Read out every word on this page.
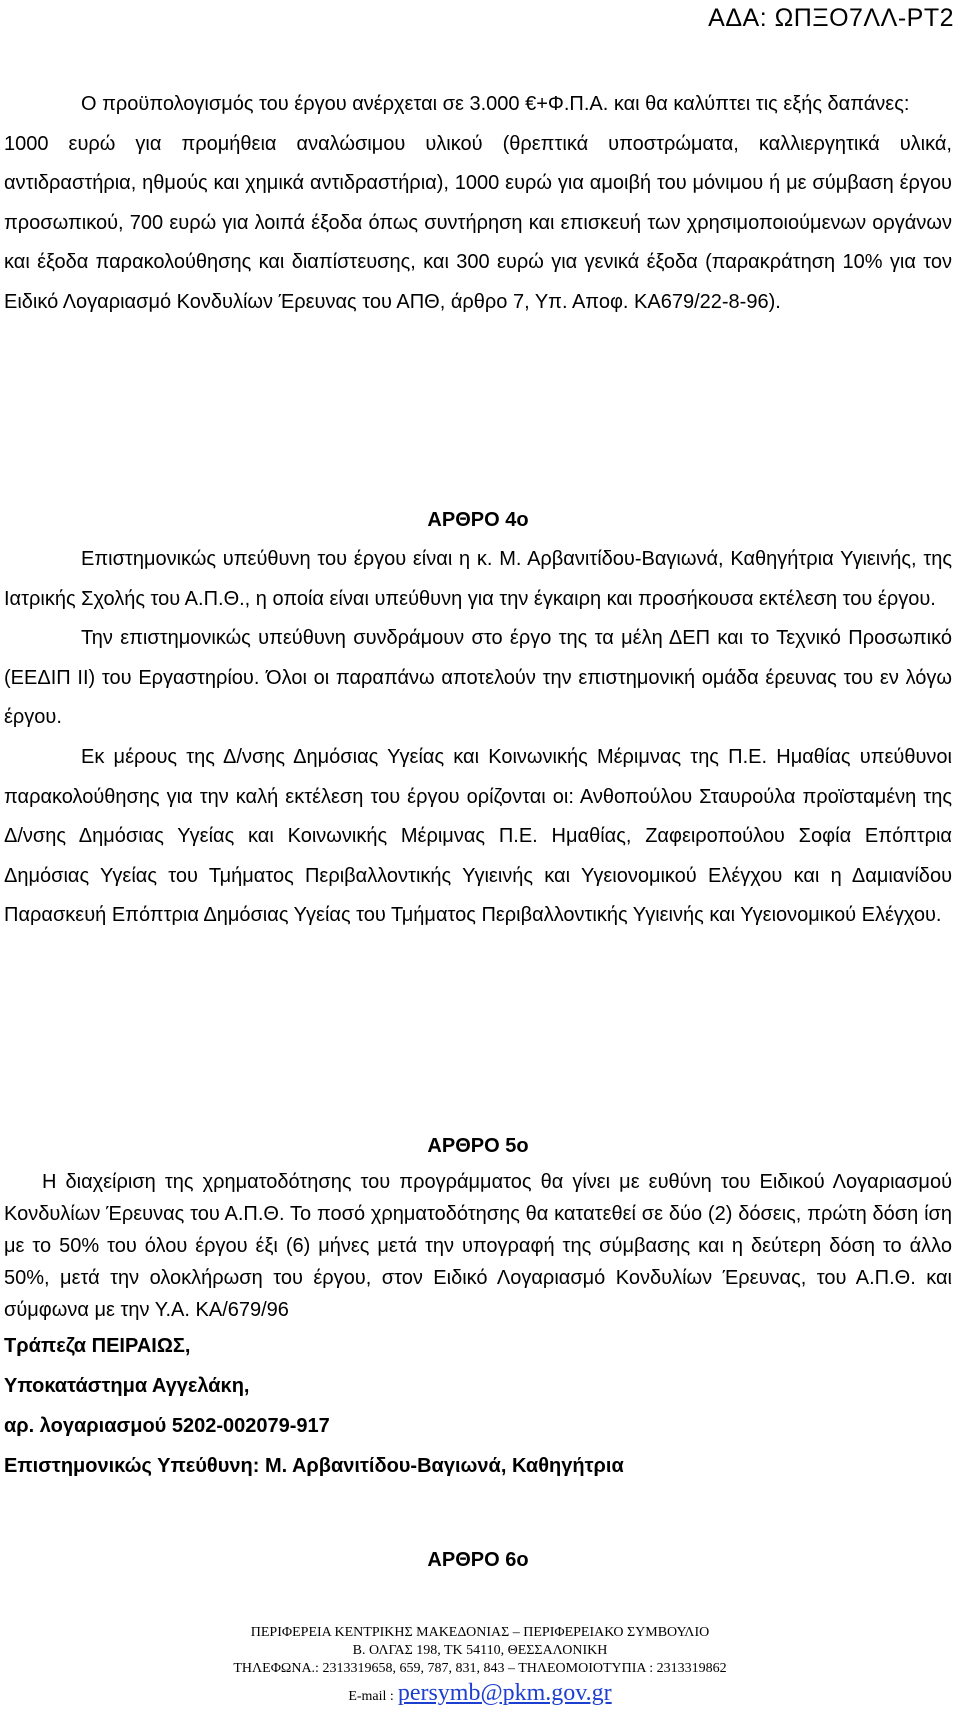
ΑΔΑ: ΩΠΞΟ7ΛΛ-ΡΤ2

Ο προϋπολογισμός του έργου ανέρχεται σε 3.000 €+Φ.Π.Α. και θα καλύπτει τις εξής δαπάνες:

1000 ευρώ για προμήθεια αναλώσιμου υλικού (θρεπτικά υποστρώματα, καλλιεργητικά υλικά, αντιδραστήρια, ηθμούς και χημικά αντιδραστήρια), 1000 ευρώ για αμοιβή του μόνιμου ή με σύμβαση έργου προσωπικού, 700 ευρώ για λοιπά έξοδα όπως συντήρηση και επισκευή των χρησιμοποιούμενων οργάνων και έξοδα παρακολούθησης και διαπίστευσης, και 300 ευρώ για γενικά έξοδα (παρακράτηση 10% για τον Ειδικό Λογαριασμό Κονδυλίων Έρευνας του ΑΠΘ, άρθρο 7, Υπ. Αποφ. ΚΑ679/22-8-96).

ΑΡΘΡΟ 4ο

Επιστημονικώς υπεύθυνη του έργου είναι η κ. Μ. Αρβανιτίδου-Βαγιωνά, Καθηγήτρια Υγιεινής, της Ιατρικής Σχολής του Α.Π.Θ., η οποία είναι υπεύθυνη για την έγκαιρη και προσήκουσα εκτέλεση του έργου.

Την επιστημονικώς υπεύθυνη συνδράμουν στο έργο της τα μέλη ΔΕΠ και το Τεχνικό Προσωπικό (ΕΕΔΙΠ ΙΙ) του Εργαστηρίου. Όλοι οι παραπάνω αποτελούν την επιστημονική ομάδα έρευνας του εν λόγω έργου.

Εκ μέρους της Δ/νσης Δημόσιας Υγείας και Κοινωνικής Μέριμνας της Π.Ε. Ημαθίας υπεύθυνοι παρακολούθησης για την καλή εκτέλεση του έργου ορίζονται οι: Ανθοπούλου Σταυρούλα προϊσταμένη της Δ/νσης Δημόσιας Υγείας και Κοινωνικής Μέριμνας Π.Ε. Ημαθίας, Ζαφειροπούλου Σοφία Επόπτρια Δημόσιας Υγείας του Τμήματος Περιβαλλοντικής Υγιεινής και Υγειονομικού Ελέγχου και η Δαμιανίδου Παρασκευή Επόπτρια Δημόσιας Υγείας του Τμήματος Περιβαλλοντικής Υγιεινής και Υγειονομικού Ελέγχου.

ΑΡΘΡΟ 5ο

Η διαχείριση της χρηματοδότησης του προγράμματος θα γίνει με ευθύνη του Ειδικού Λογαριασμού Κονδυλίων Έρευνας του Α.Π.Θ. Το ποσό χρηματοδότησης θα κατατεθεί σε δύο (2) δόσεις, πρώτη δόση ίση με το 50% του όλου έργου έξι (6) μήνες μετά την υπογραφή της σύμβασης και η δεύτερη δόση το άλλο 50%, μετά την ολοκλήρωση του έργου, στον Ειδικό Λογαριασμό Κονδυλίων Έρευνας, του Α.Π.Θ. και σύμφωνα με την Υ.Α. ΚΑ/679/96

Τράπεζα ΠΕΙΡΑΙΩΣ,

Υποκατάστημα Αγγελάκη,

αρ. λογαριασμού 5202-002079-917

Επιστημονικώς Υπεύθυνη: Μ. Αρβανιτίδου-Βαγιωνά, Καθηγήτρια

ΑΡΘΡΟ 6ο

ΠΕΡΙΦΕΡΕΙΑ ΚΕΝΤΡΙΚΗΣ ΜΑΚΕΔΟΝΙΑΣ – ΠΕΡΙΦΕΡΕΙΑΚΟ ΣΥΜΒΟΥΛΙΟ
Β. ΟΛΓΑΣ 198, ΤΚ 54110, ΘΕΣΣΑΛΟΝΙΚΗ
ΤΗΛΕΦΩΝΑ.: 2313319658, 659, 787, 831, 843 – ΤΗΛΕΟΜΟΙΟΤΥΠΙΑ : 2313319862
E-mail : persymb@pkm.gov.gr
